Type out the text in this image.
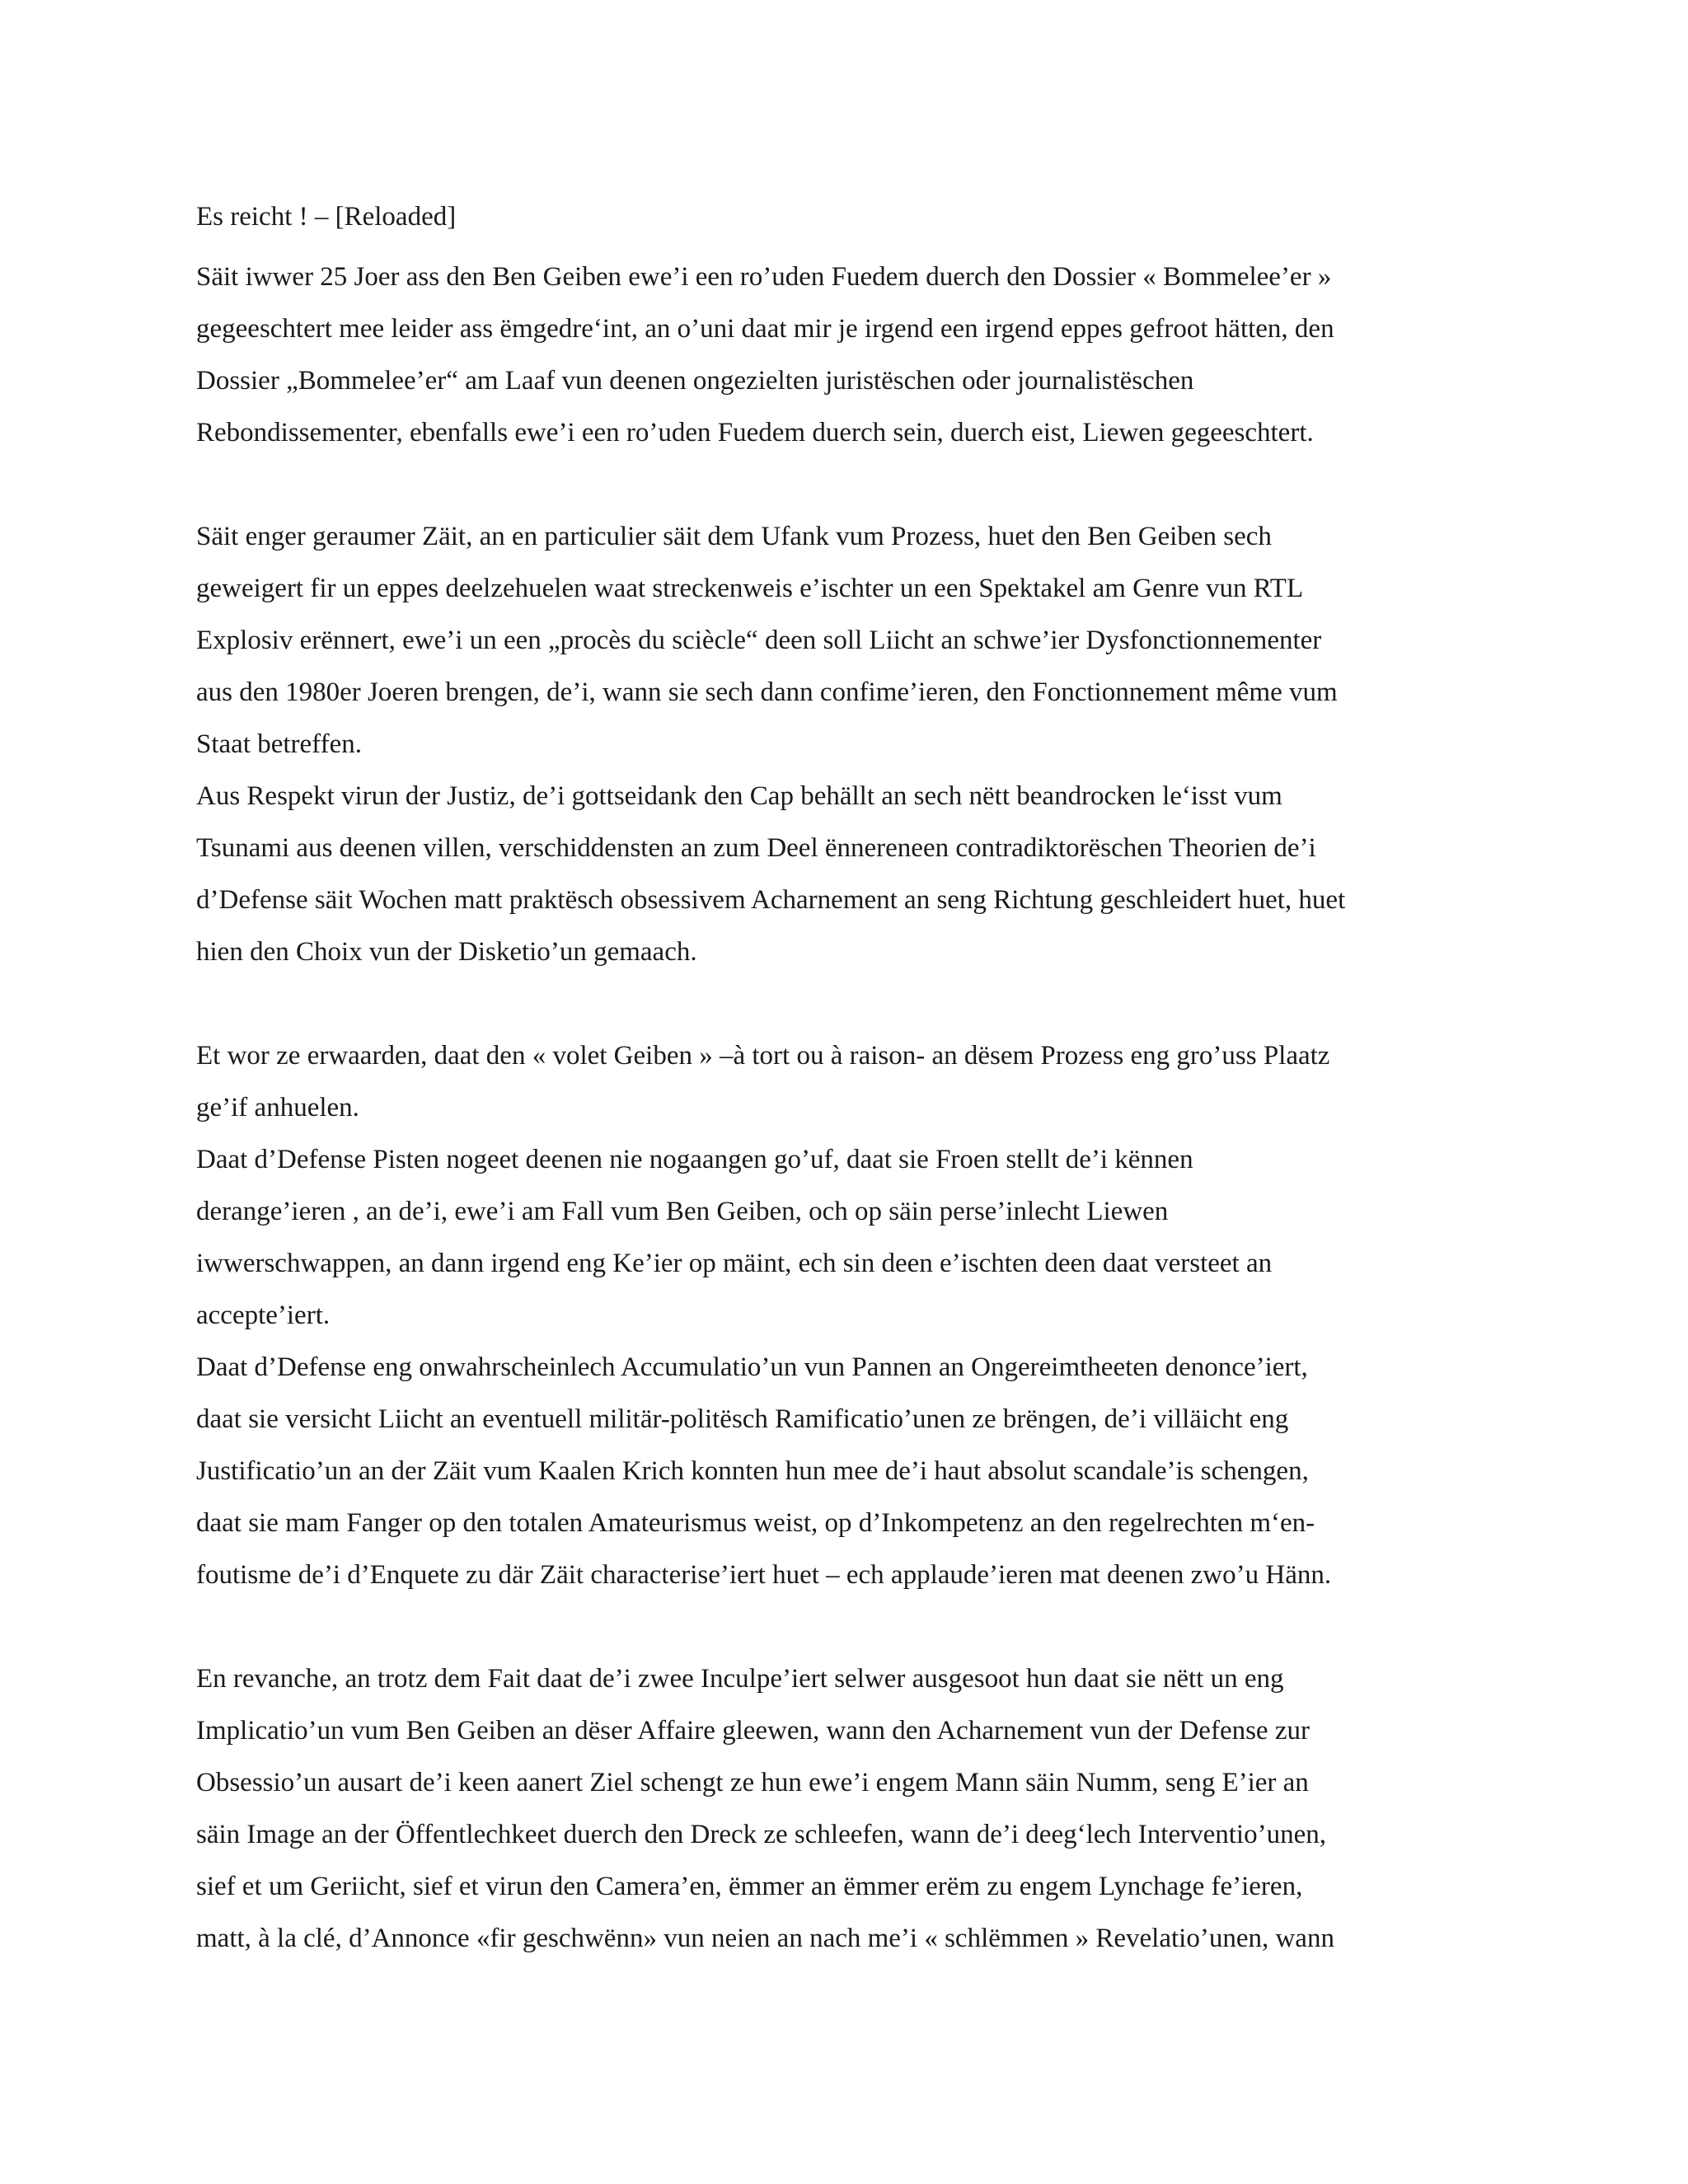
Es reicht ! – [Reloaded]

Säit iwwer 25 Joer ass den Ben Geiben ewe’i een ro’uden Fuedem duerch den Dossier « Bommelee’er »
gegeeschtert mee leider ass ëmgedre‘int, an o’uni daat mir je irgend een irgend eppes gefroot hätten, den
Dossier „Bommelee’er“ am Laaf vun deenen ongezielten juristëschen oder journalistëschen
Rebondissementer, ebenfalls ewe’i een ro’uden Fuedem duerch sein, duerch eist, Liewen gegeeschtert.

Säit enger geraumer Zäit, an en particulier säit dem Ufank vum Prozess, huet den Ben Geiben sech
geweigert fir un eppes deelzehuelen waat streckenweis e’ischter un een Spektakel am Genre vun RTL
Explosiv erënnert, ewe’i un een „procès du sciècle“ deen soll Liicht an schwe’ier Dysfonctionnementer
aus den 1980er Joeren brengen, de’i, wann sie sech dann confime’ieren, den Fonctionnement même vum
Staat betreffen.
Aus Respekt virun der Justiz, de’i gottseidank den Cap behällt an sech nëtt beandrocken le‘isst vum
Tsunami aus deenen villen, verschiddensten an zum Deel ënnereneen contradiktorëschen Theorien de’i
d’Defense säit Wochen matt praktësch obsessivem Acharnement an seng Richtung geschleidert huet, huet
hien den Choix vun der Disketio’un gemaach.

Et wor ze erwaarden, daat den « volet Geiben » –à tort ou à raison- an dësem Prozess eng gro’uss Plaatz
ge’if anhuelen.
Daat d’Defense Pisten nogeet deenen nie nogaangen go’uf, daat sie Froen stellt de’i kënnen
derange’ieren , an de’i, ewe’i am Fall vum Ben Geiben, och op säin perse’inlecht Liewen
iwwerschwappen, an dann irgend eng Ke’ier op mäint, ech sin deen e’ischten deen daat versteet an
accepte’iert.
Daat d’Defense eng onwahrscheinlech Accumulatio’un vun Pannen an Ongereimtheeten denonce’iert,
daat sie versicht Liicht an eventuell militär-politësch Ramificatio’unen ze brëngen, de’i villäicht eng
Justificatio’un an der Zäit vum Kaalen Krich konnten hun mee de’i haut absolut scandale’is schengen,
daat sie mam Fanger op den totalen Amateurismus weist, op d’Inkompetenz an den regelrechten m‘en-
foutisme de’i d’Enquete zu där Zäit characterise’iert huet – ech applaude’ieren mat deenen zwo’u Hänn.

En revanche, an trotz dem Fait daat de’i zwee Inculpe’iert selwer ausgesoot hun daat sie nëtt un eng
Implicatio’un vum Ben Geiben an dëser Affaire gleewen, wann den Acharnement vun der Defense zur
Obsessio’un ausart de’i keen aanert Ziel schengt ze hun ewe’i engem Mann säin Numm, seng E’ier an
säin Image an der Öffentlechkeet duerch den Dreck ze schleefen, wann de’i deeg‘lech Interventio’unen,
sief et um Geriicht, sief et virun den Camera’en, ëmmer an ëmmer erëm zu engem Lynchage fe’ieren,
matt, à la clé, d’Annonce «fir geschwënn» vun neien an nach me’i « schlëmmen » Revelatio’unen, wann
